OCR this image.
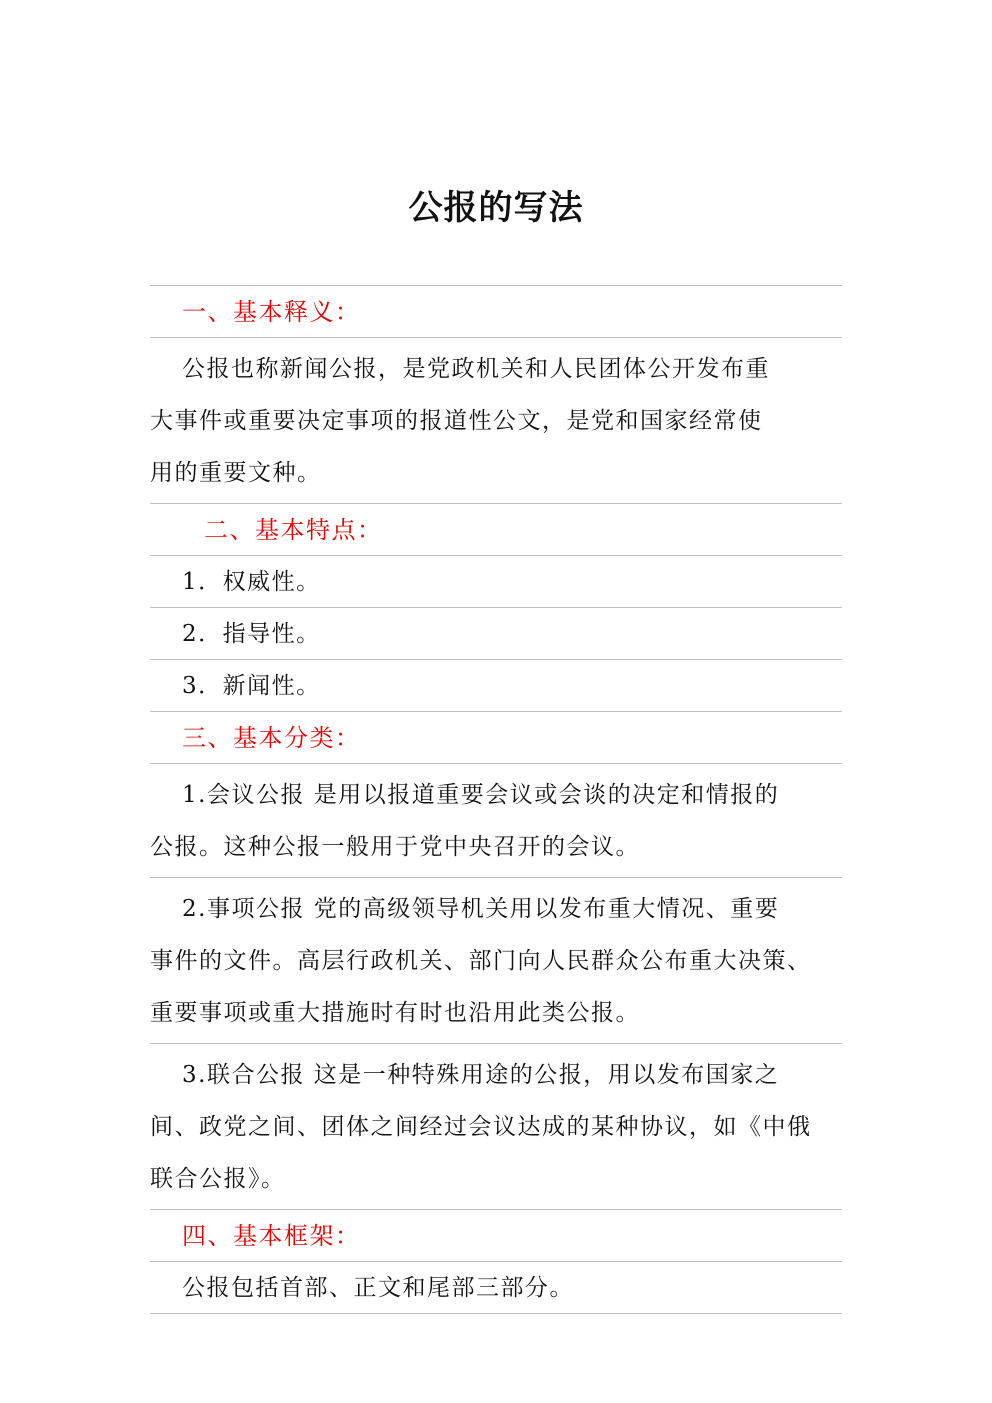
公报的写法
一、基本释义：
公报也称新闻公报，是党政机关和人民团体公开发布重
大事件或重要决定事项的报道性公文，是党和国家经常使
用的重要文种。
二、基本特点：
1．权威性。
2．指导性。
3．新闻性。
三、基本分类：
1.会议公报 是用以报道重要会议或会谈的决定和情报的
公报。这种公报一般用于党中央召开的会议。
2.事项公报 党的高级领导机关用以发布重大情况、重要
事件的文件。高层行政机关、部门向人民群众公布重大决策、
重要事项或重大措施时有时也沿用此类公报。
3.联合公报 这是一种特殊用途的公报，用以发布国家之
间、政党之间、团体之间经过会议达成的某种协议，如《中俄
联合公报》。
四、基本框架：
公报包括首部、正文和尾部三部分。
